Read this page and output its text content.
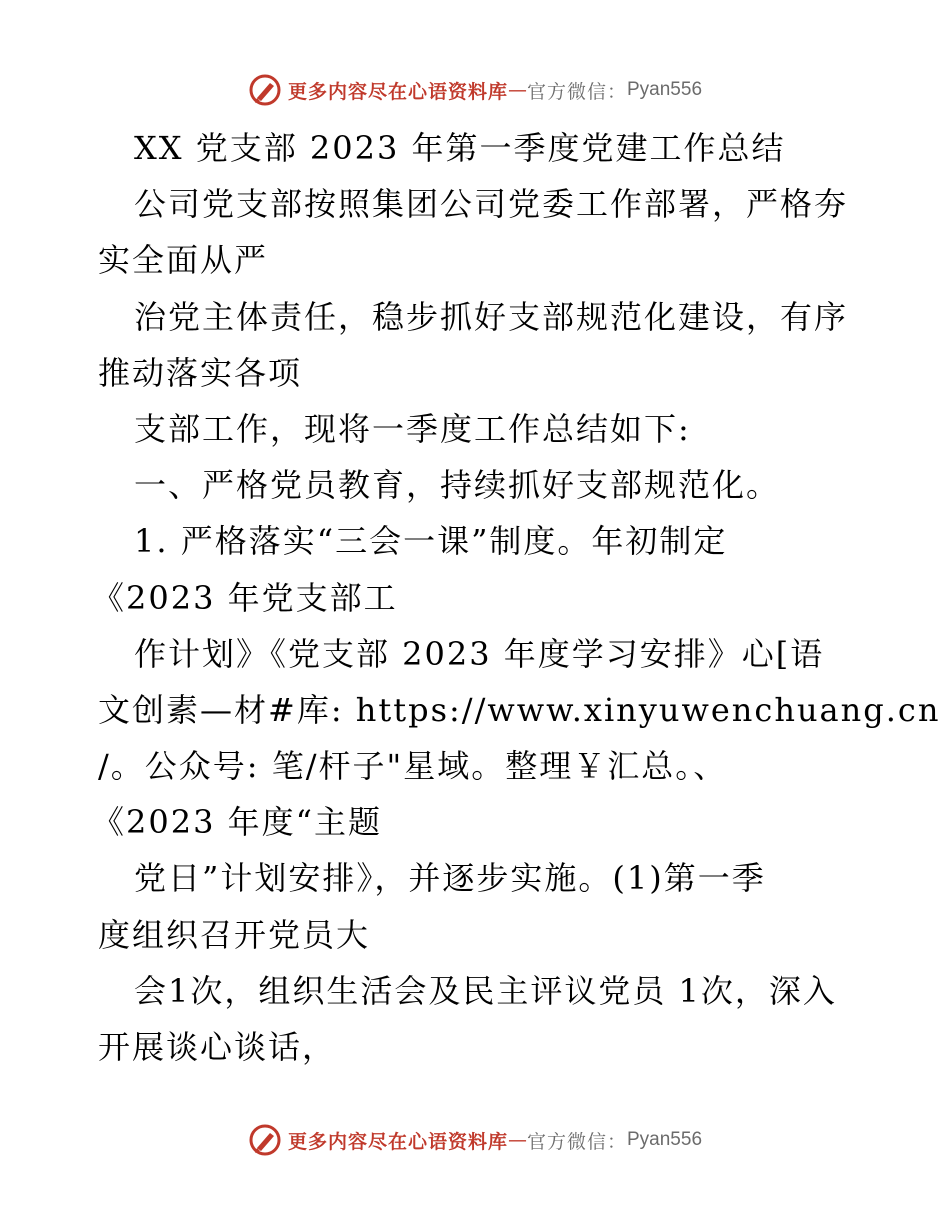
更多内容尽在心语资料库 — 官方微信： Pyan556
XX 党支部 2023 年第一季度党建工作总结
公司党支部按照集团公司党委工作部署，严格夯
实全面从严
治党主体责任，稳步抓好支部规范化建设，有序
推动落实各项
支部工作，现将一季度工作总结如下:
一、严格党员教育，持续抓好支部规范化。
1. 严格落实“三会一课”制度。年初制定
《2023 年党支部工
作计划》《党支部 2023 年度学习安排》心[语
文创素—材#库: https://www.xinyuwenchuang.cn
/。公众号: 笔/杆子"星域。整理￥汇总。、
《2023 年度“主题
党日”计划安排》，并逐步实施。(1)第一季
度组织召开党员大
会1次，组织生活会及民主评议党员 1次，深入
开展谈心谈话，
更多内容尽在心语资料库 — 官方微信： Pyan556
